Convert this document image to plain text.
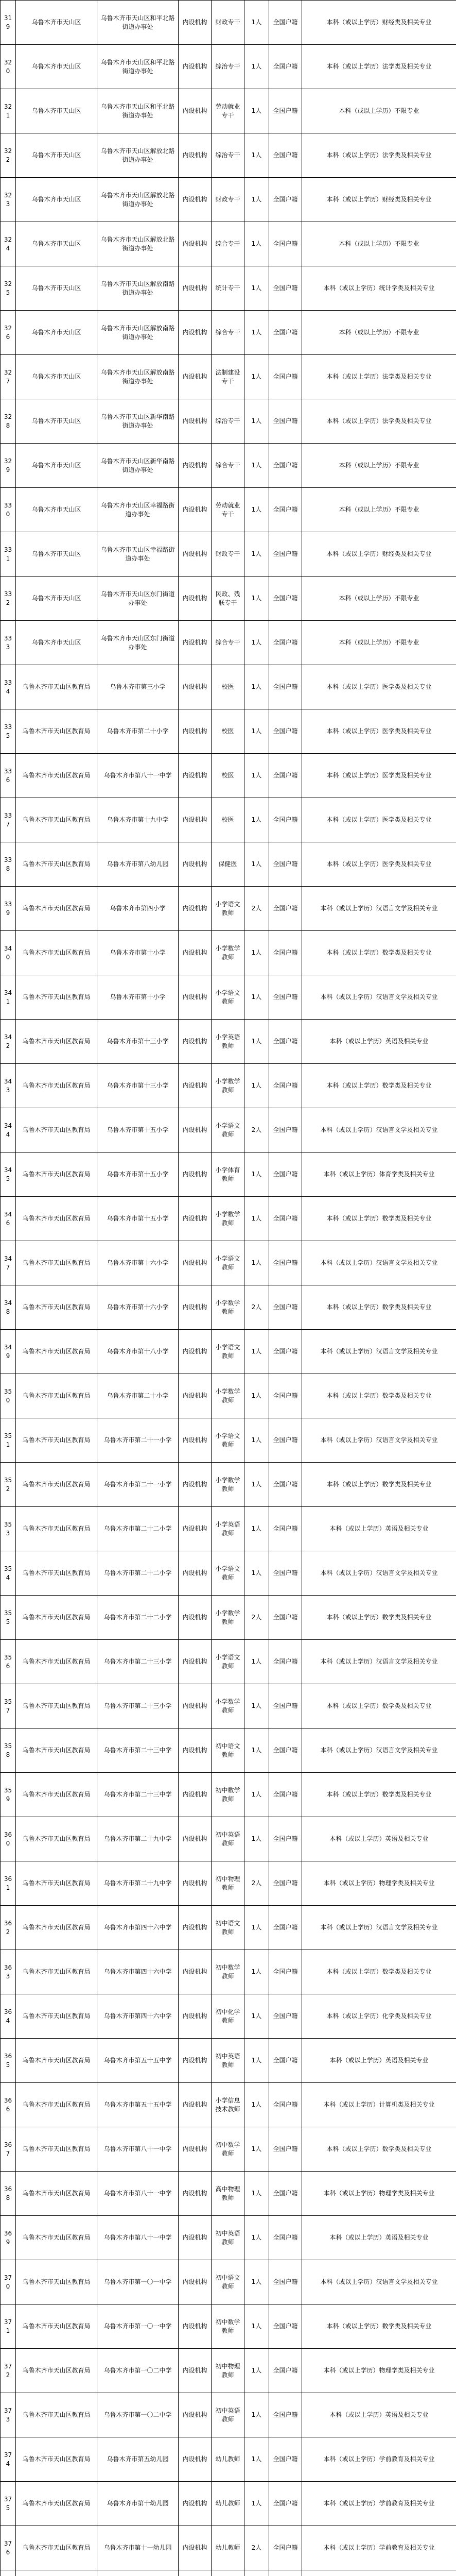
319	乌鲁木齐市天山区	乌鲁木齐市天山区和平北路街道办事处	内设机构	财政专干	1人	全国户籍	本科（或以上学历）财经类及相关专业
320	乌鲁木齐市天山区	乌鲁木齐市天山区和平北路街道办事处	内设机构	综治专干	1人	全国户籍	本科（或以上学历）法学类及相关专业
321	乌鲁木齐市天山区	乌鲁木齐市天山区和平北路街道办事处	内设机构	劳动就业专干	1人	全国户籍	本科（或以上学历）不限专业
322	乌鲁木齐市天山区	乌鲁木齐市天山区解放北路街道办事处	内设机构	综治专干	1人	全国户籍	本科（或以上学历）法学类及相关专业
323	乌鲁木齐市天山区	乌鲁木齐市天山区解放北路街道办事处	内设机构	财政专干	1人	全国户籍	本科（或以上学历）财经类及相关专业
324	乌鲁木齐市天山区	乌鲁木齐市天山区解放北路街道办事处	内设机构	综合专干	1人	全国户籍	本科（或以上学历）不限专业
325	乌鲁木齐市天山区	乌鲁木齐市天山区解放南路街道办事处	内设机构	统计专干	1人	全国户籍	本科（或以上学历）统计学类及相关专业
326	乌鲁木齐市天山区	乌鲁木齐市天山区解放南路街道办事处	内设机构	综合专干	1人	全国户籍	本科（或以上学历）不限专业
327	乌鲁木齐市天山区	乌鲁木齐市天山区解放南路街道办事处	内设机构	法制建设专干	1人	全国户籍	本科（或以上学历）法学类及相关专业
328	乌鲁木齐市天山区	乌鲁木齐市天山区新华南路街道办事处	内设机构	综治专干	1人	全国户籍	本科（或以上学历）法学类及相关专业
329	乌鲁木齐市天山区	乌鲁木齐市天山区新华南路街道办事处	内设机构	综合专干	1人	全国户籍	本科（或以上学历）不限专业
330	乌鲁木齐市天山区	乌鲁木齐市天山区幸福路街道办事处	内设机构	劳动就业专干	1人	全国户籍	本科（或以上学历）不限专业
331	乌鲁木齐市天山区	乌鲁木齐市天山区幸福路街道办事处	内设机构	财政专干	1人	全国户籍	本科（或以上学历）财经类及相关专业
332	乌鲁木齐市天山区	乌鲁木齐市天山区东门街道办事处	内设机构	民政、残联专干	1人	全国户籍	本科（或以上学历）不限专业
333	乌鲁木齐市天山区	乌鲁木齐市天山区东门街道办事处	内设机构	综合专干	1人	全国户籍	本科（或以上学历）不限专业
334	乌鲁木齐市天山区教育局	乌鲁木齐市第三小学	内设机构	校医	1人	全国户籍	本科（或以上学历）医学类及相关专业
335	乌鲁木齐市天山区教育局	乌鲁木齐市第二十小学	内设机构	校医	1人	全国户籍	本科（或以上学历）医学类及相关专业
336	乌鲁木齐市天山区教育局	乌鲁木齐市第八十一中学	内设机构	校医	1人	全国户籍	本科（或以上学历）医学类及相关专业
337	乌鲁木齐市天山区教育局	乌鲁木齐市第十九中学	内设机构	校医	1人	全国户籍	本科（或以上学历）医学类及相关专业
338	乌鲁木齐市天山区教育局	乌鲁木齐市第八幼儿园	内设机构	保健医	1人	全国户籍	本科（或以上学历）医学类及相关专业
339	乌鲁木齐市天山区教育局	乌鲁木齐市第四小学	内设机构	小学语文教师	2人	全国户籍	本科（或以上学历）汉语言文学及相关专业
340	乌鲁木齐市天山区教育局	乌鲁木齐市第十小学	内设机构	小学数学教师	1人	全国户籍	本科（或以上学历）数学类及相关专业
341	乌鲁木齐市天山区教育局	乌鲁木齐市第十小学	内设机构	小学语文教师	1人	全国户籍	本科（或以上学历）汉语言文学及相关专业
342	乌鲁木齐市天山区教育局	乌鲁木齐市第十三小学	内设机构	小学英语教师	1人	全国户籍	本科（或以上学历）英语及相关专业
343	乌鲁木齐市天山区教育局	乌鲁木齐市第十三小学	内设机构	小学数学教师	1人	全国户籍	本科（或以上学历）数学类及相关专业
344	乌鲁木齐市天山区教育局	乌鲁木齐市第十五小学	内设机构	小学语文教师	2人	全国户籍	本科（或以上学历）汉语言文学及相关专业
345	乌鲁木齐市天山区教育局	乌鲁木齐市第十五小学	内设机构	小学体育教师	1人	全国户籍	本科（或以上学历）体育学类及相关专业
346	乌鲁木齐市天山区教育局	乌鲁木齐市第十五小学	内设机构	小学数学教师	1人	全国户籍	本科（或以上学历）数学类及相关专业
347	乌鲁木齐市天山区教育局	乌鲁木齐市第十六小学	内设机构	小学语文教师	1人	全国户籍	本科（或以上学历）汉语言文学及相关专业
348	乌鲁木齐市天山区教育局	乌鲁木齐市第十六小学	内设机构	小学数学教师	2人	全国户籍	本科（或以上学历）数学类及相关专业
349	乌鲁木齐市天山区教育局	乌鲁木齐市第十八小学	内设机构	小学语文教师	1人	全国户籍	本科（或以上学历）汉语言文学及相关专业
350	乌鲁木齐市天山区教育局	乌鲁木齐市第二十小学	内设机构	小学数学教师	1人	全国户籍	本科（或以上学历）数学类及相关专业
351	乌鲁木齐市天山区教育局	乌鲁木齐市第二十一小学	内设机构	小学语文教师	1人	全国户籍	本科（或以上学历）汉语言文学及相关专业
352	乌鲁木齐市天山区教育局	乌鲁木齐市第二十一小学	内设机构	小学数学教师	1人	全国户籍	本科（或以上学历）数学类及相关专业
353	乌鲁木齐市天山区教育局	乌鲁木齐市第二十二小学	内设机构	小学英语教师	1人	全国户籍	本科（或以上学历）英语及相关专业
354	乌鲁木齐市天山区教育局	乌鲁木齐市第二十二小学	内设机构	小学语文教师	1人	全国户籍	本科（或以上学历）汉语言文学及相关专业
355	乌鲁木齐市天山区教育局	乌鲁木齐市第二十二小学	内设机构	小学数学教师	2人	全国户籍	本科（或以上学历）数学类及相关专业
356	乌鲁木齐市天山区教育局	乌鲁木齐市第二十三小学	内设机构	小学语文教师	1人	全国户籍	本科（或以上学历）汉语言文学及相关专业
357	乌鲁木齐市天山区教育局	乌鲁木齐市第二十三小学	内设机构	小学数学教师	1人	全国户籍	本科（或以上学历）数学类及相关专业
358	乌鲁木齐市天山区教育局	乌鲁木齐市第二十三中学	内设机构	初中语文教师	1人	全国户籍	本科（或以上学历）汉语言文学及相关专业
359	乌鲁木齐市天山区教育局	乌鲁木齐市第二十三中学	内设机构	初中数学教师	1人	全国户籍	本科（或以上学历）数学类及相关专业
360	乌鲁木齐市天山区教育局	乌鲁木齐市第二十九中学	内设机构	初中英语教师	1人	全国户籍	本科（或以上学历）英语及相关专业
361	乌鲁木齐市天山区教育局	乌鲁木齐市第二十九中学	内设机构	初中物理教师	2人	全国户籍	本科（或以上学历）物理学类及相关专业
362	乌鲁木齐市天山区教育局	乌鲁木齐市第四十六中学	内设机构	初中语文教师	1人	全国户籍	本科（或以上学历）汉语言文学及相关专业
363	乌鲁木齐市天山区教育局	乌鲁木齐市第四十六中学	内设机构	初中数学教师	1人	全国户籍	本科（或以上学历）数学类及相关专业
364	乌鲁木齐市天山区教育局	乌鲁木齐市第四十六中学	内设机构	初中化学教师	1人	全国户籍	本科（或以上学历）化学类及相关专业
365	乌鲁木齐市天山区教育局	乌鲁木齐市第五十五中学	内设机构	初中英语教师	1人	全国户籍	本科（或以上学历）英语及相关专业
366	乌鲁木齐市天山区教育局	乌鲁木齐市第五十五中学	内设机构	小学信息技术教师	1人	全国户籍	本科（或以上学历）计算机类及相关专业
367	乌鲁木齐市天山区教育局	乌鲁木齐市第八十一中学	内设机构	初中数学教师	1人	全国户籍	本科（或以上学历）数学类及相关专业
368	乌鲁木齐市天山区教育局	乌鲁木齐市第八十一中学	内设机构	高中物理教师	1人	全国户籍	本科（或以上学历）物理学类及相关专业
369	乌鲁木齐市天山区教育局	乌鲁木齐市第八十一中学	内设机构	初中英语教师	1人	全国户籍	本科（或以上学历）英语及相关专业
370	乌鲁木齐市天山区教育局	乌鲁木齐市第一〇一中学	内设机构	初中语文教师	1人	全国户籍	本科（或以上学历）汉语言文学及相关专业
371	乌鲁木齐市天山区教育局	乌鲁木齐市第一〇一中学	内设机构	初中数学教师	1人	全国户籍	本科（或以上学历）数学类及相关专业
372	乌鲁木齐市天山区教育局	乌鲁木齐市第一〇二中学	内设机构	初中物理教师	1人	全国户籍	本科（或以上学历）物理学类及相关专业
373	乌鲁木齐市天山区教育局	乌鲁木齐市第一〇二中学	内设机构	初中英语教师	1人	全国户籍	本科（或以上学历）英语及相关专业
374	乌鲁木齐市天山区教育局	乌鲁木齐市第五幼儿园	内设机构	幼儿教师	1人	全国户籍	本科（或以上学历）学前教育及相关专业
375	乌鲁木齐市天山区教育局	乌鲁木齐市第十幼儿园	内设机构	幼儿教师	1人	全国户籍	本科（或以上学历）学前教育及相关专业
376	乌鲁木齐市天山区教育局	乌鲁木齐市第十一幼儿园	内设机构	幼儿教师	2人	全国户籍	本科（或以上学历）学前教育及相关专业
